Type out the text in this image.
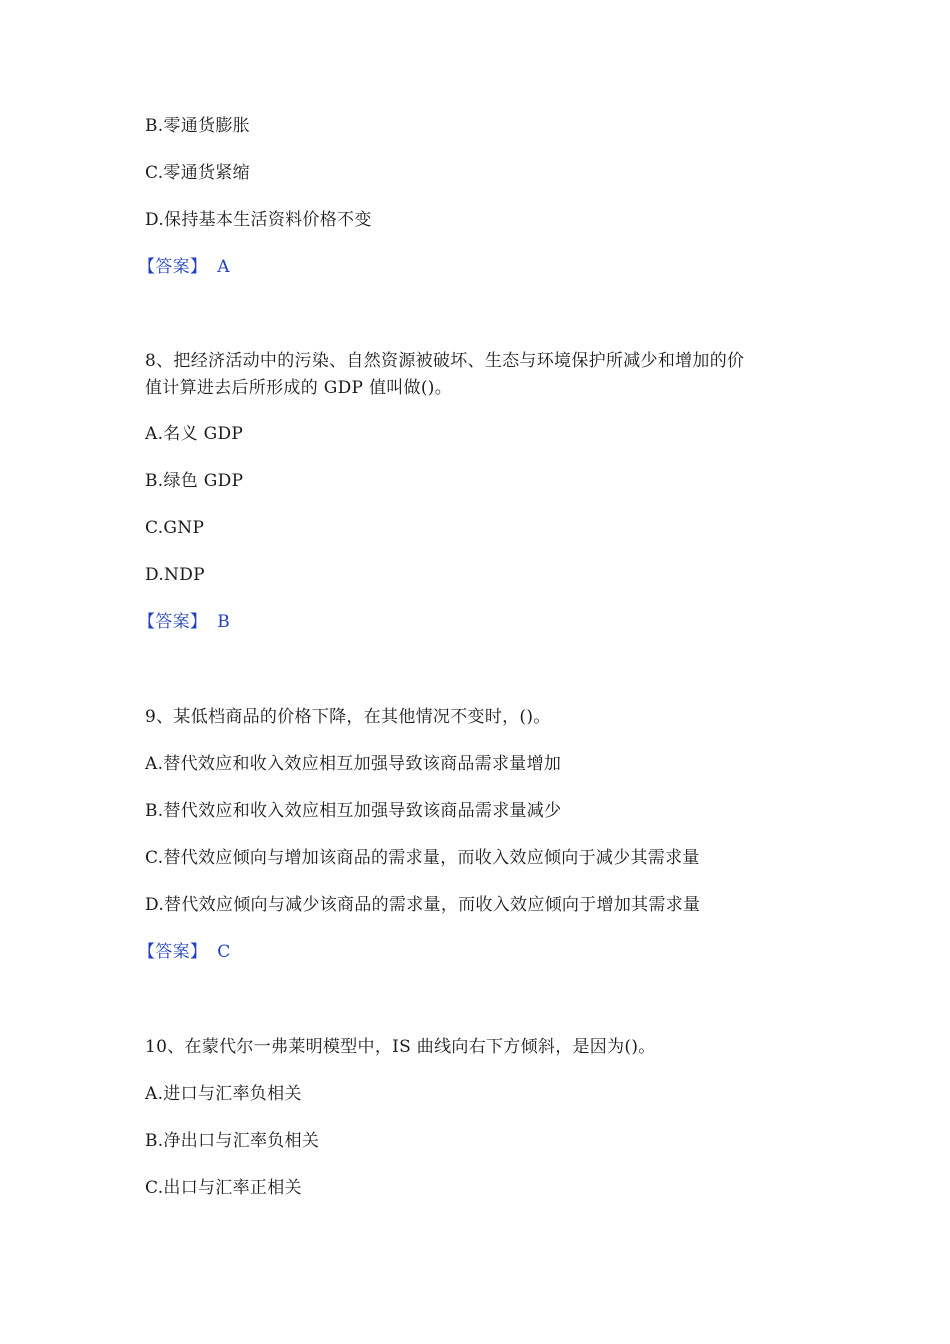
B.零通货膨胀
C.零通货紧缩
D.保持基本生活资料价格不变
【答案】 A
8、把经济活动中的污染、自然资源被破坏、生态与环境保护所减少和增加的价
值计算进去后所形成的 GDP 值叫做()。
A.名义 GDP
B.绿色 GDP
C.GNP
D.NDP
【答案】 B
9、某低档商品的价格下降，在其他情况不变时，()。
A.替代效应和收入效应相互加强导致该商品需求量增加
B.替代效应和收入效应相互加强导致该商品需求量减少
C.替代效应倾向与增加该商品的需求量，而收入效应倾向于减少其需求量
D.替代效应倾向与减少该商品的需求量，而收入效应倾向于增加其需求量
【答案】 C
10、在蒙代尔一弗莱明模型中，IS 曲线向右下方倾斜，是因为()。
A.进口与汇率负相关
B.净出口与汇率负相关
C.出口与汇率正相关
